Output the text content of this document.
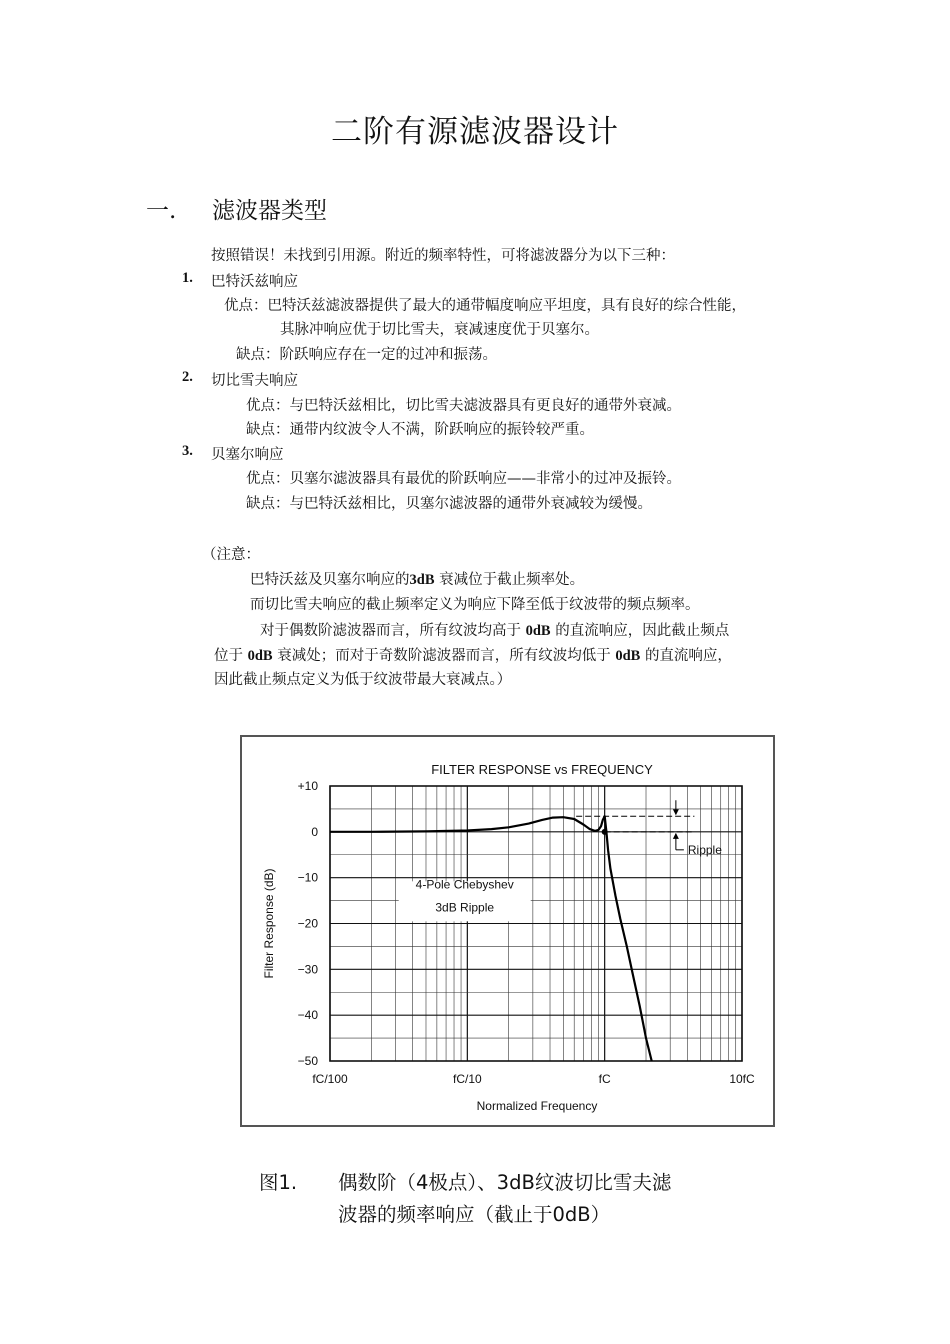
二阶有源滤波器设计
一. 滤波器类型
按照错误！未找到引用源。附近的频率特性，可将滤波器分为以下三种：
1. 巴特沃兹响应
优点：巴特沃兹滤波器提供了最大的通带幅度响应平坦度，具有良好的综合性能，
其脉冲响应优于切比雪夫，衰减速度优于贝塞尔。
缺点：阶跃响应存在一定的过冲和振荡。
2. 切比雪夫响应
优点：与巴特沃兹相比，切比雪夫滤波器具有更良好的通带外衰减。
缺点：通带内纹波令人不满，阶跃响应的振铃较严重。
3. 贝塞尔响应
优点：贝塞尔滤波器具有最优的阶跃响应——非常小的过冲及振铃。
缺点：与巴特沃兹相比，贝塞尔滤波器的通带外衰减较为缓慢。
（注意：
巴特沃兹及贝塞尔响应的3dB 衰减位于截止频率处。
而切比雪夫响应的截止频率定义为响应下降至低于纹波带的频点频率。
对于偶数阶滤波器而言，所有纹波均高于 0dB 的直流响应，因此截止频点
位于 0dB 衰减处；而对于奇数阶滤波器而言，所有纹波均低于 0dB 的直流响应，
因此截止频点定义为低于纹波带最大衰减点。）
FILTER RESPONSE vs FREQUENCY
Normalized Frequency
Filter Response (dB)
+10
0
−10
−20
−30
−40
−50
fC/100	fC/10	fC	10fC
4-Pole Chebyshev
3dB Ripple
Ripple
图1. 偶数阶（4极点）、3dB纹波切比雪夫滤
波器的频率响应（截止于0dB）
